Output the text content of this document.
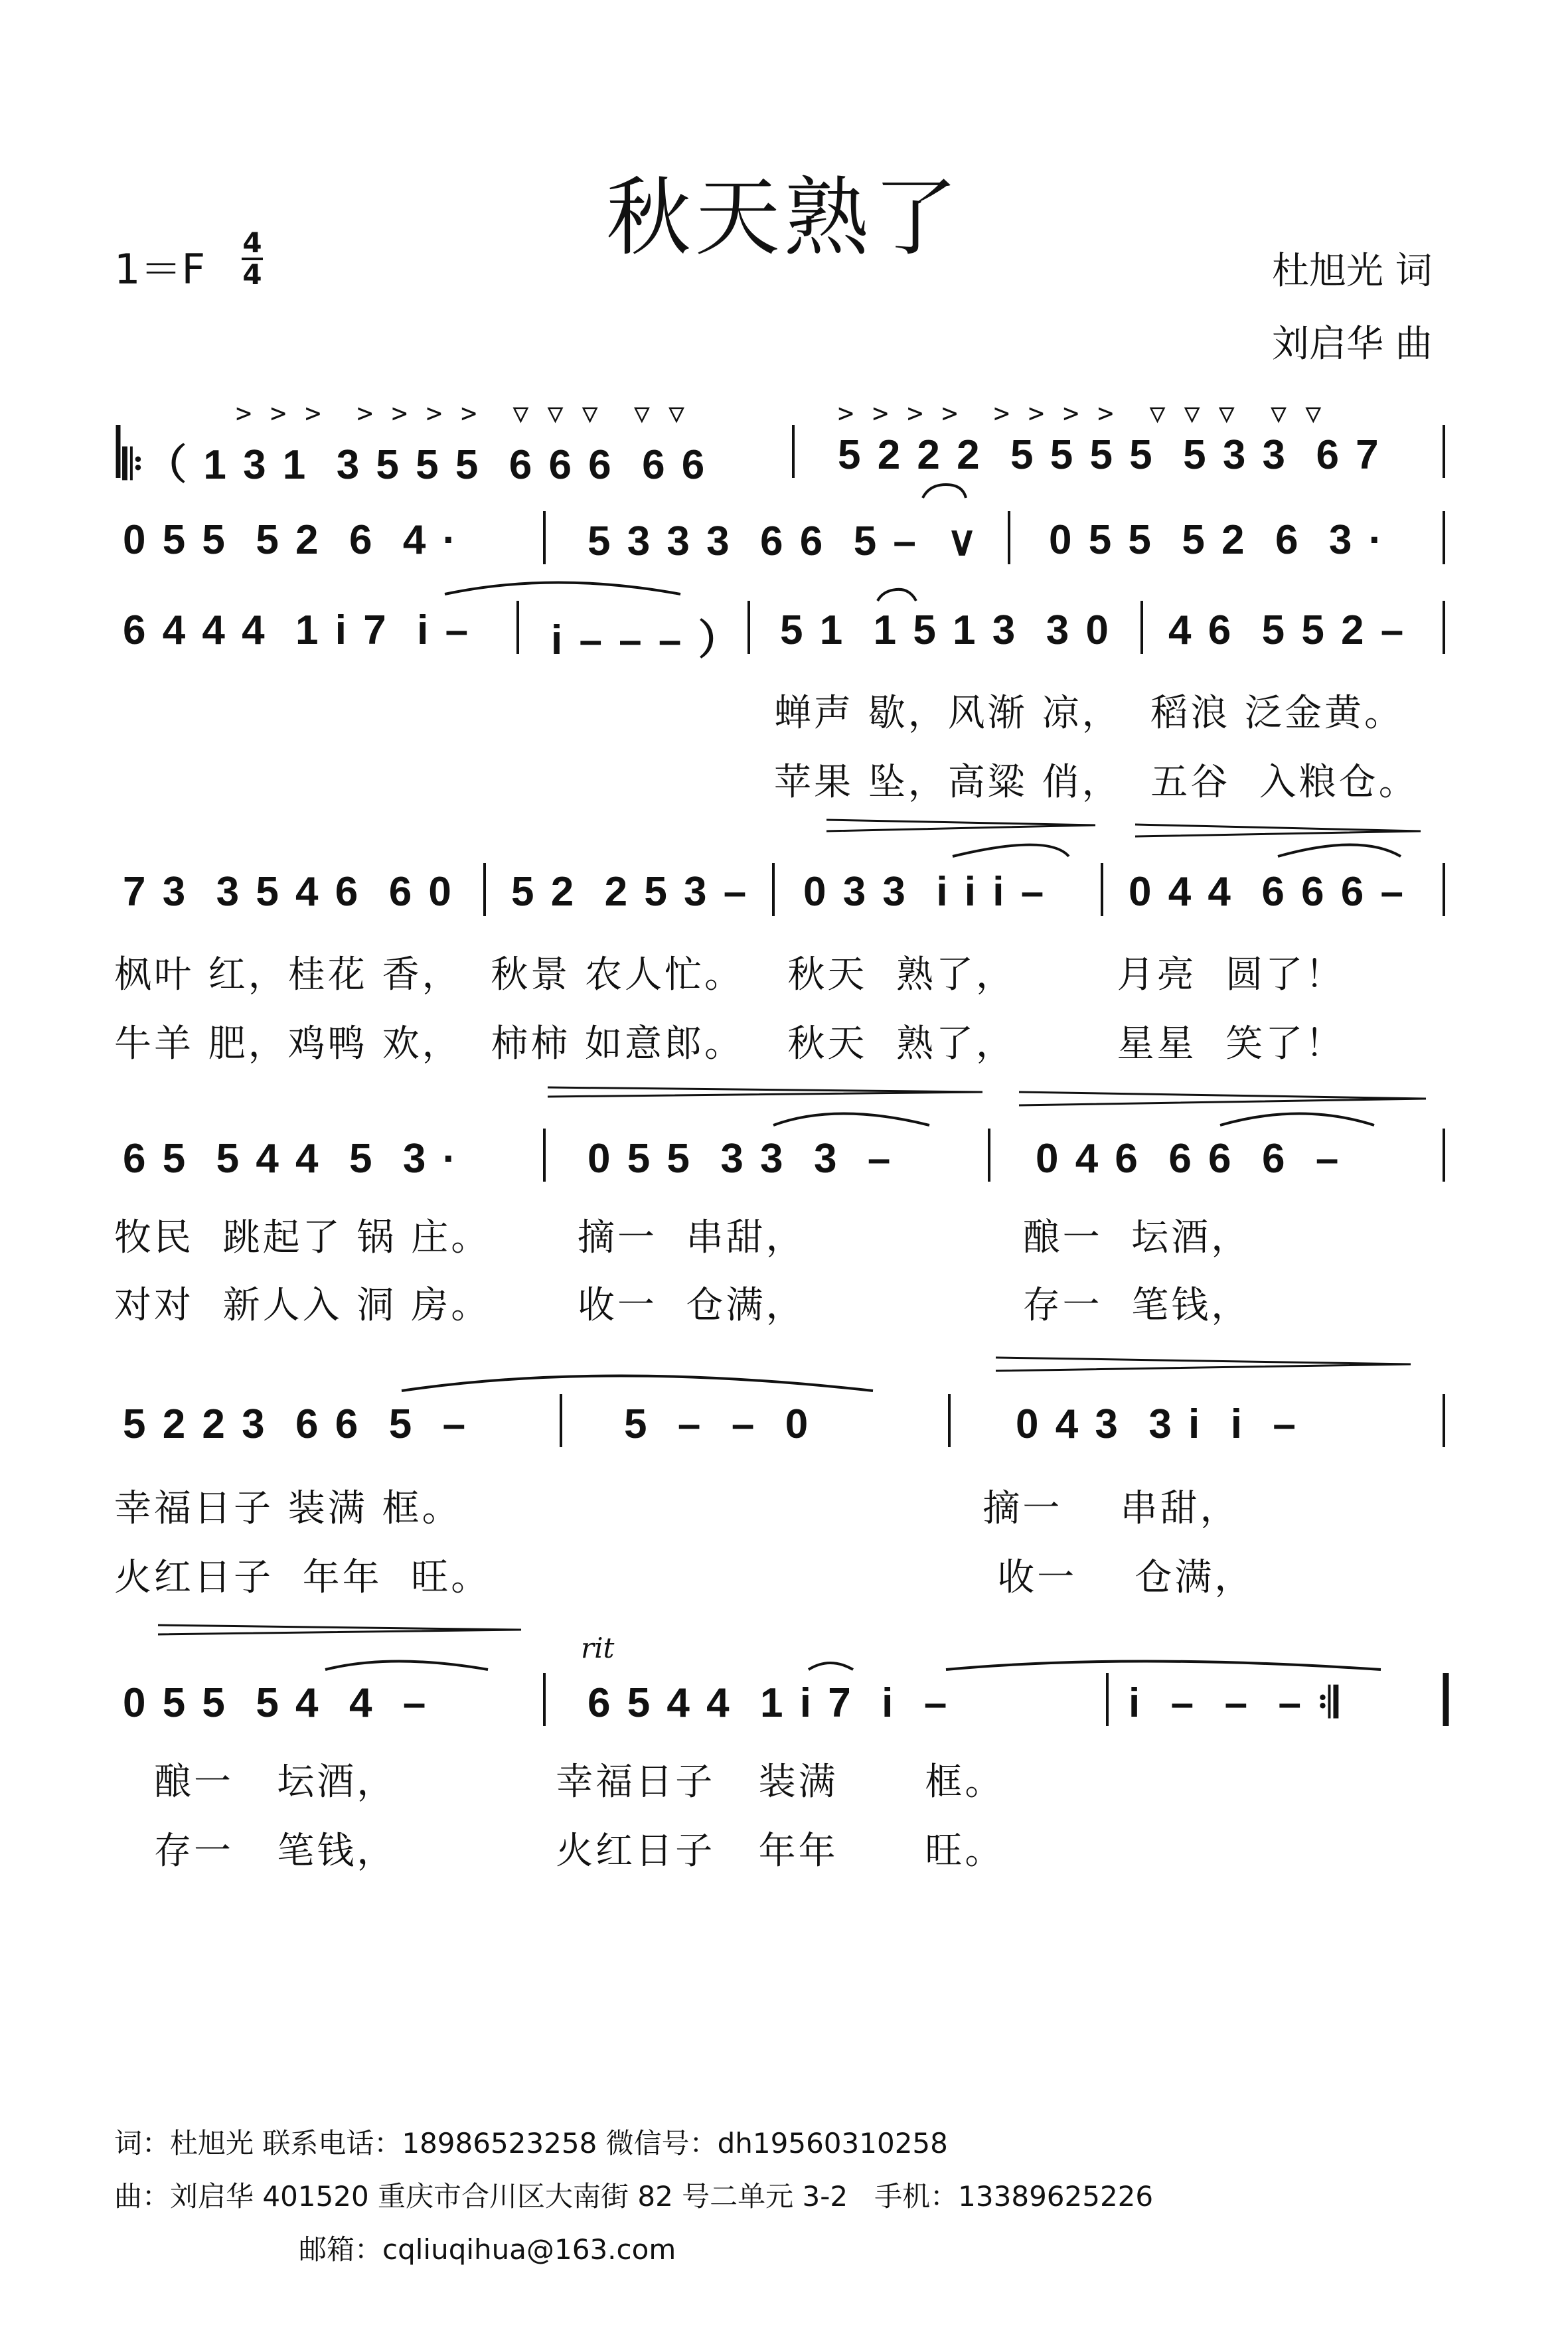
秋天熟了
1＝F
4
4	杜旭光 词
刘启华 曲
> > >  > > > >  ▽ ▽ ▽  ▽ ▽	> > > >  > > > >  ▽ ▽ ▽  ▽ ▽
𝄆（ 1 3 1  3 5 5 5  6 6 6  6 6	5 2 2 2  5 5 5 5  5 3 3  6 7
0 5 5  5 2  6  4 ·	5 3 3 3  6 6  5 –  ∨ 0 5 5  5 2  6  3 ·
6 4 4 4  1 i 7  i – i – – – ） 5 1  1 5 1 3  3 0 4 6  5 5 2 –
蝉声 歇，风渐 凉，  稻浪 泛金黄。
苹果 坠，高粱 俏，  五谷  入粮仓。
7 3  3 5 4 6  6 0 5 2  2 5 3 – 0 3 3  i i i – 0 4 4  6 6 6 –
枫叶 红，桂花 香，  秋景 农人忙。   秋天  熟了，       月亮  圆了！
牛羊 肥，鸡鸭 欢，  柿柿 如意郎。   秋天  熟了，       星星  笑了！
6 5  5 4 4  5  3 ·	0 5 5  3 3  3  –	0 4 6  6 6  6  –
牧民  跳起了 锅 庄。      摘一  串甜，               酿一  坛酒，
对对  新人入 洞 房。      收一  仓满，               存一  笔钱，
5 2 2 3  6 6  5  –	5  –  –  0	0 4 3  3 i  i  –
幸福日子 装满 框。                                    摘一    串甜，
火红日子  年年  旺。                                   收一    仓满，
rit
0 5 5  5 4  4  –	6 5 4 4  1 i 7  i  –	i  –  –  – 𝄇
酿一   坛酒，           幸福日子   装满      框。
存一   笔钱，           火红日子   年年      旺。
词：杜旭光 联系电话：18986523258 微信号：dh19560310258
曲：刘启华 401520 重庆市合川区大南街 82 号二单元 3-2   手机：13389625226
邮箱：cqliuqihua@163.com
